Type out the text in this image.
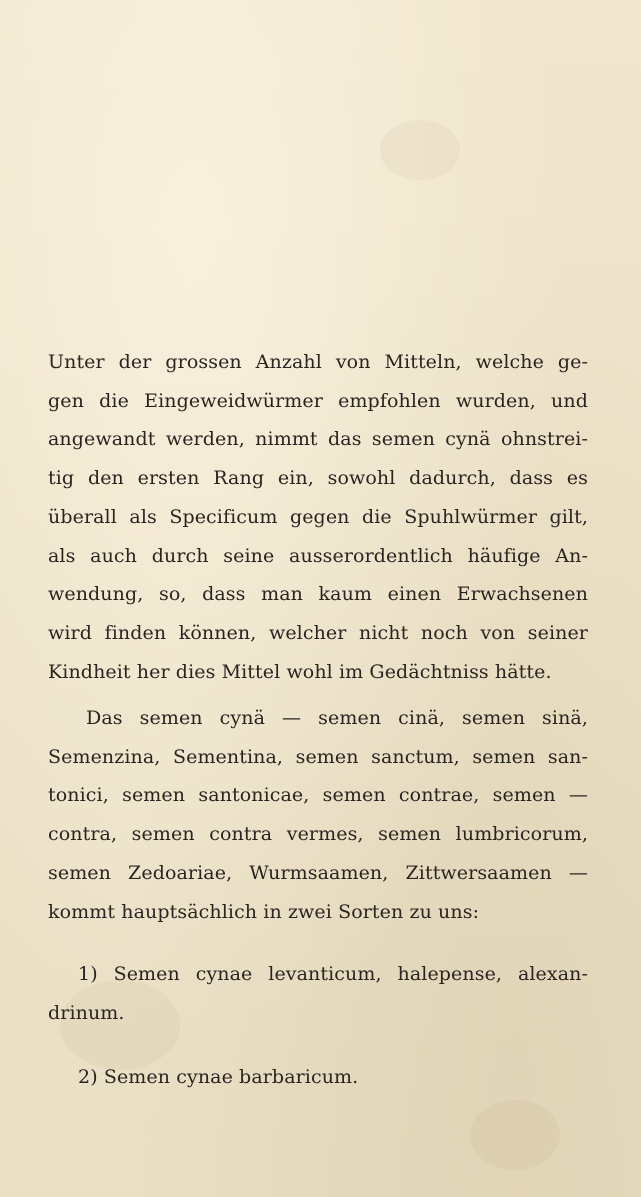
Unter der grossen Anzahl von Mitteln, welche ge-
gen die Eingeweidwürmer empfohlen wurden, und
angewandt werden, nimmt das semen cynä ohnstrei-
tig den ersten Rang ein, sowohl dadurch, dass es
überall als Specificum gegen die Spuhlwürmer gilt,
als auch durch seine ausserordentlich häufige An-
wendung, so, dass man kaum einen Erwachsenen
wird finden können, welcher nicht noch von seiner
Kindheit her dies Mittel wohl im Gedächtniss hätte.
Das semen cynä — semen cinä, semen sinä,
Semenzina, Sementina, semen sanctum, semen san-
tonici, semen santonicae, semen contrae, semen —
contra, semen contra vermes, semen lumbricorum,
semen Zedoariae, Wurmsaamen, Zittwersaamen —
kommt hauptsächlich in zwei Sorten zu uns:
1) Semen cynae levanticum, halepense, alexan-
drinum.
2) Semen cynae barbaricum.
